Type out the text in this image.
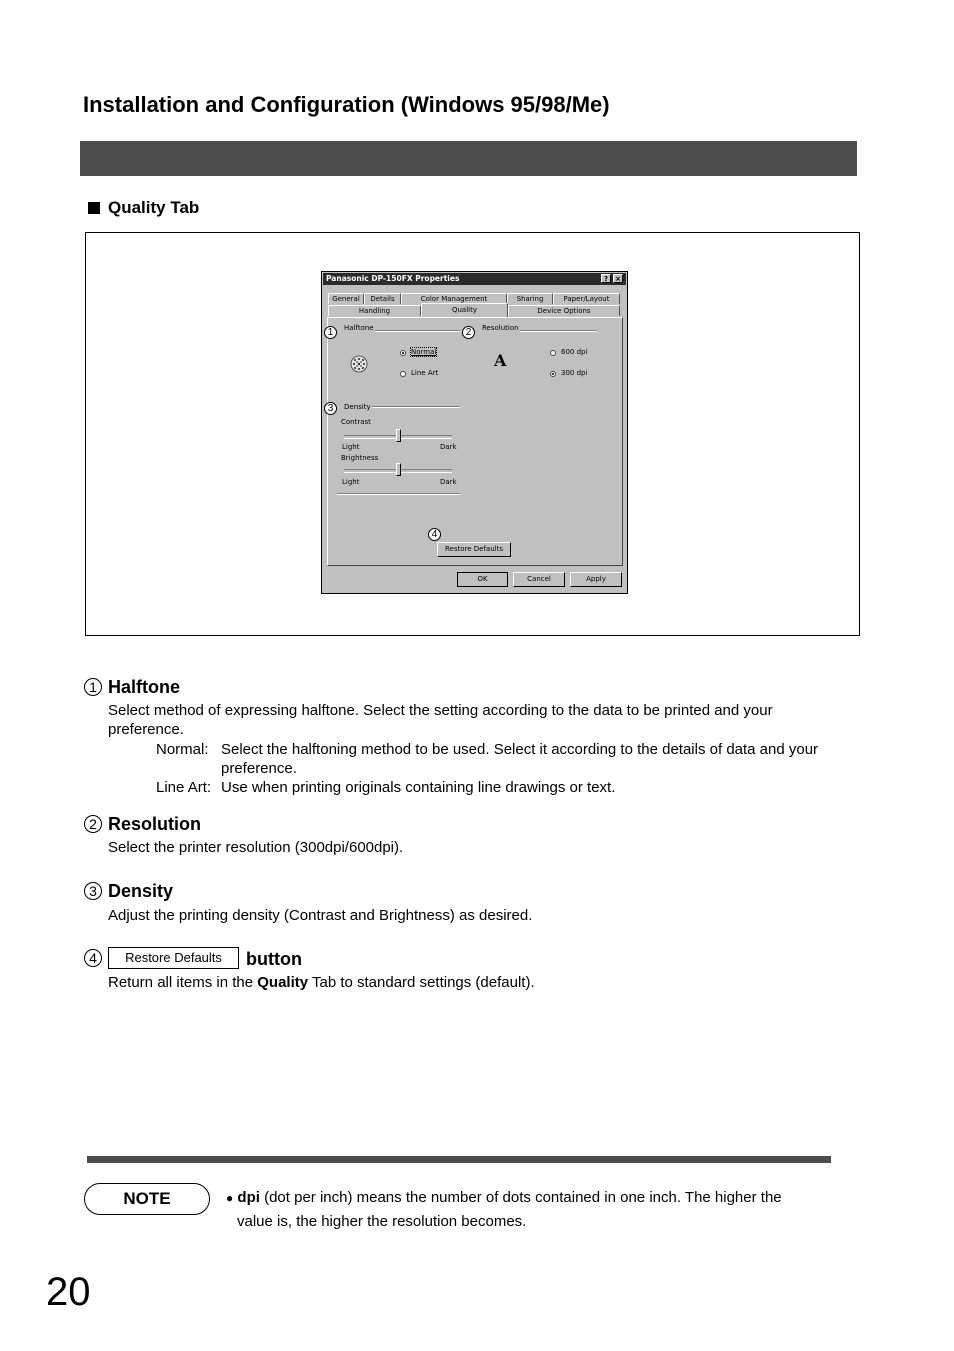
Installation and Configuration (Windows 95/98/Me)
Quality Tab
Panasonic DP-150FX Properties	?	×
General	Details	Color Management	Sharing	Paper/Layout
Handling	Quality	Device Options
1	Halftone
Normal
Line Art
2	Resolution
A	600 dpi
300 dpi
3	Density
Contrast
Light	Dark
Brightness
Light	Dark
4
Restore Defaults
OK	Cancel	Apply
1 Halftone
Select method of expressing halftone. Select the setting according to the data to be printed and your preference.
Normal: Select the halftoning method to be used. Select it according to the details of data and your
preference.
Line Art: Use when printing originals containing line drawings or text.
2 Resolution
Select the printer resolution (300dpi/600dpi).
3 Density
Adjust the printing density (Contrast and Brightness) as desired.
4	Restore Defaults	button
Return all items in the Quality Tab to standard settings (default).
NOTE	● dpi (dot per inch) means the number of dots contained in one inch. The higher the
value is, the higher the resolution becomes.
20
